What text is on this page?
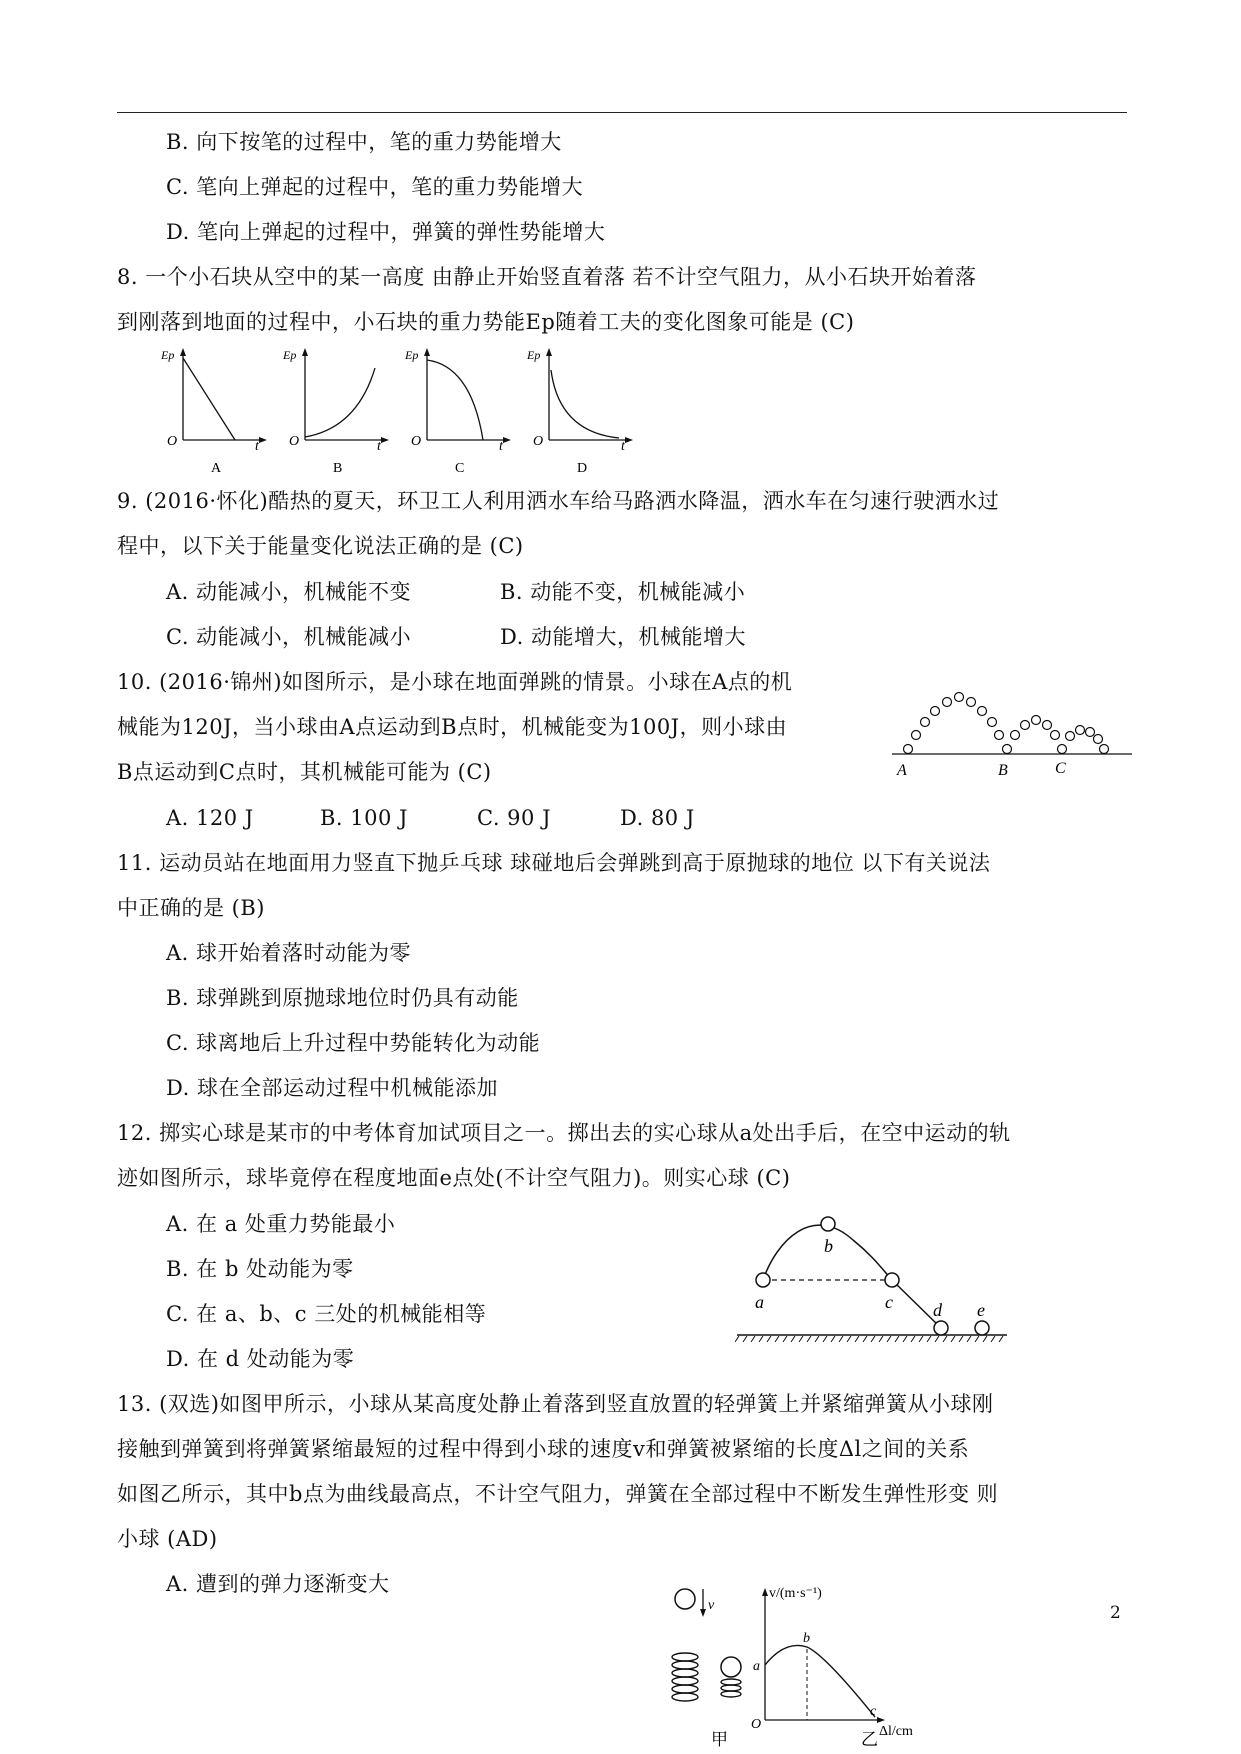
B. 向下按笔的过程中，笔的重力势能增大
C. 笔向上弹起的过程中，笔的重力势能增大
D. 笔向上弹起的过程中，弹簧的弹性势能增大
8. 一个小石块从空中的某一高度 由静止开始竖直着落 若不计空气阻力，从小石块开始着落
到刚落到地面的过程中，小石块的重力势能Ep随着工夫的变化图象可能是 (C)
Ep
O	t
A
Ep
O	t
B
Ep
O	t
C
Ep
O	t
D
9. (2016·怀化)酷热的夏天，环卫工人利用洒水车给马路洒水降温，洒水车在匀速行驶洒水过
程中，以下关于能量变化说法正确的是 (C)
A. 动能减小，机械能不变	B. 动能不变，机械能减小
C. 动能减小，机械能减小	D. 动能增大，机械能增大
10. (2016·锦州)如图所示，是小球在地面弹跳的情景。小球在A点的机
械能为120J，当小球由A点运动到B点时，机械能变为100J，则小球由
B点运动到C点时，其机械能可能为 (C)
A. 120 J	B. 100 J	C. 90 J	D. 80 J
A	B	C
11. 运动员站在地面用力竖直下抛乒乓球 球碰地后会弹跳到高于原抛球的地位 以下有关说法
中正确的是 (B)
A. 球开始着落时动能为零
B. 球弹跳到原抛球地位时仍具有动能
C. 球离地后上升过程中势能转化为动能
D. 球在全部运动过程中机械能添加
12. 掷实心球是某市的中考体育加试项目之一。掷出去的实心球从a处出手后，在空中运动的轨
迹如图所示，球毕竟停在程度地面e点处(不计空气阻力)。则实心球 (C)
A. 在 a 处重力势能最小
B. 在 b 处动能为零
C. 在 a、b、c 三处的机械能相等
D. 在 d 处动能为零
a
b
c d e
13. (双选)如图甲所示，小球从某高度处静止着落到竖直放置的轻弹簧上并紧缩弹簧从小球刚
接触到弹簧到将弹簧紧缩最短的过程中得到小球的速度v和弹簧被紧缩的长度Δl之间的关系
如图乙所示，其中b点为曲线最高点，不计空气阻力，弹簧在全部过程中不断发生弹性形变 则
小球 (AD)
A. 遭到的弹力逐渐变大
v
甲
v/(m·s⁻¹)
Δl/cm
a
b
c
O
乙
2
